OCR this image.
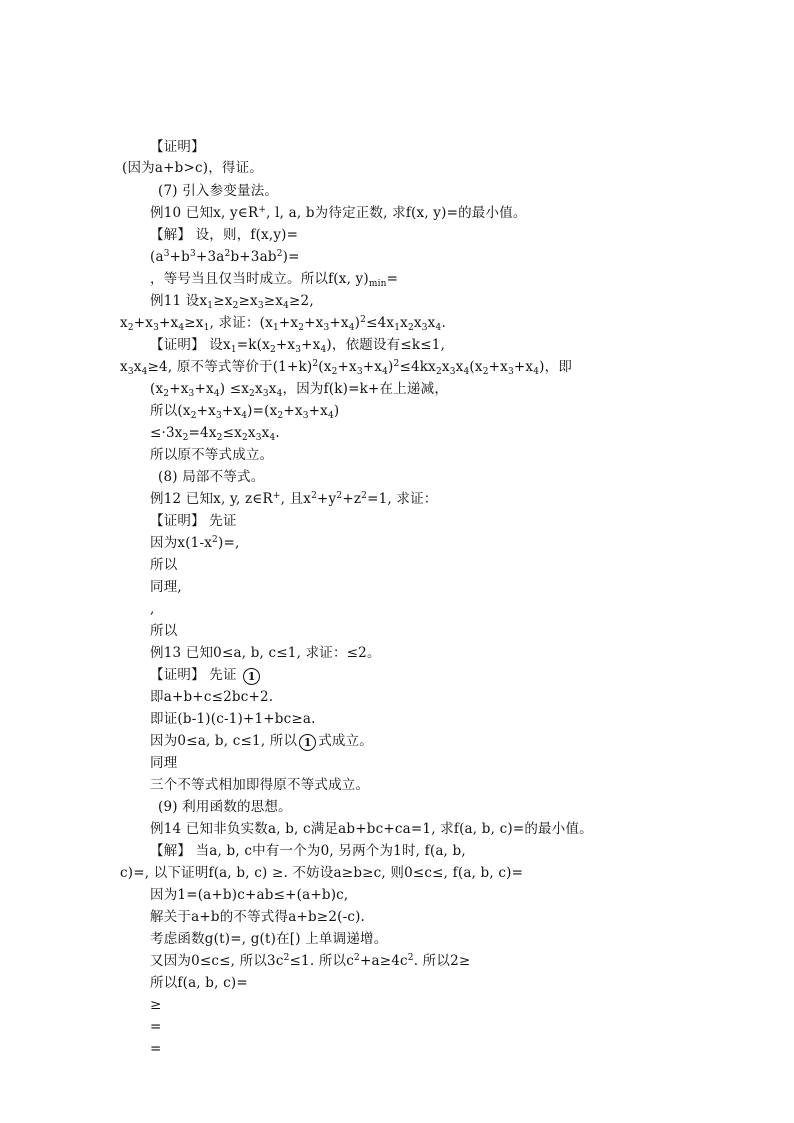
【证明】
(因为a+b>c)，得证。
(7) 引入参变量法。
例10 已知x, y∈R+, l, a, b为待定正数, 求f(x, y)=的最小值。
【解】 设，则，f(x,y)=
$(a^3+b^3+3a^2b+3ab^2)=$
，等号当且仅当时成立。所以f(x, $y)_{min}=$
例11 设$x_1\ge x_2\ge x_3\ge x_4\ge 2$,
$x_2+x_3+x_4\ge x_1$, 求证：$(x_1+x_2+x_3+x_4)^2\le 4x_1x_2x_3x_4$.
【证明】 设$x_1=k(x_2+x_3+x_4)$，依题设有≤k≤1,
$x_3x_4\ge 4$, 原不等式等价于$(1+k)^2(x_2+x_3+x_4)^2\le 4kx_2x_3x_4(x_2+x_3+x_4)$，即
$(x_2+x_3+x_4) \le x_2x_3x_4$，因为f(k)=k+在上递减，
所以$(x_2+x_3+x_4)=(x_2+x_3+x_4)$
$\le\cdot 3x_2=4x_2\le x_2x_3x_4$.
所以原不等式成立。
(8) 局部不等式。
例12 已知x, y, z∈R+, 且$x^2+y^2+z^2=1$, 求证：
【证明】 先证
因为$x(1-x^2)=$,
所以
同理,
,
所以
例13 已知0≤a, b, c≤1, 求证：≤2。
【证明】 先证 1
即a+b+c≤2bc+2.
即证(b-1)(c-1)+1+bc≥a.
因为0≤a, b, c≤1, 所以 1 式成立。
同理
三个不等式相加即得原不等式成立。
(9) 利用函数的思想。
例14 已知非负实数a, b, c满足ab+bc+ca=1, 求f(a, b, c)=的最小值。
【解】 当a, b, c中有一个为0, 另两个为1时, f(a, b,
c)=, 以下证明f(a, b, c) ≥. 不妨设a≥b≥c, 则0≤c≤, f(a, b, c)=
因为1=(a+b)c+ab≤+(a+b)c,
解关于a+b的不等式得a+b≥2(-c).
考虑函数g(t)=, g(t)在[) 上单调递增。
又因为0≤c≤, 所以$3c^2\le 1$. 所以$c^2+a\ge 4c^2$. 所以2≥
所以f(a, b, c)=
≥
=
=
